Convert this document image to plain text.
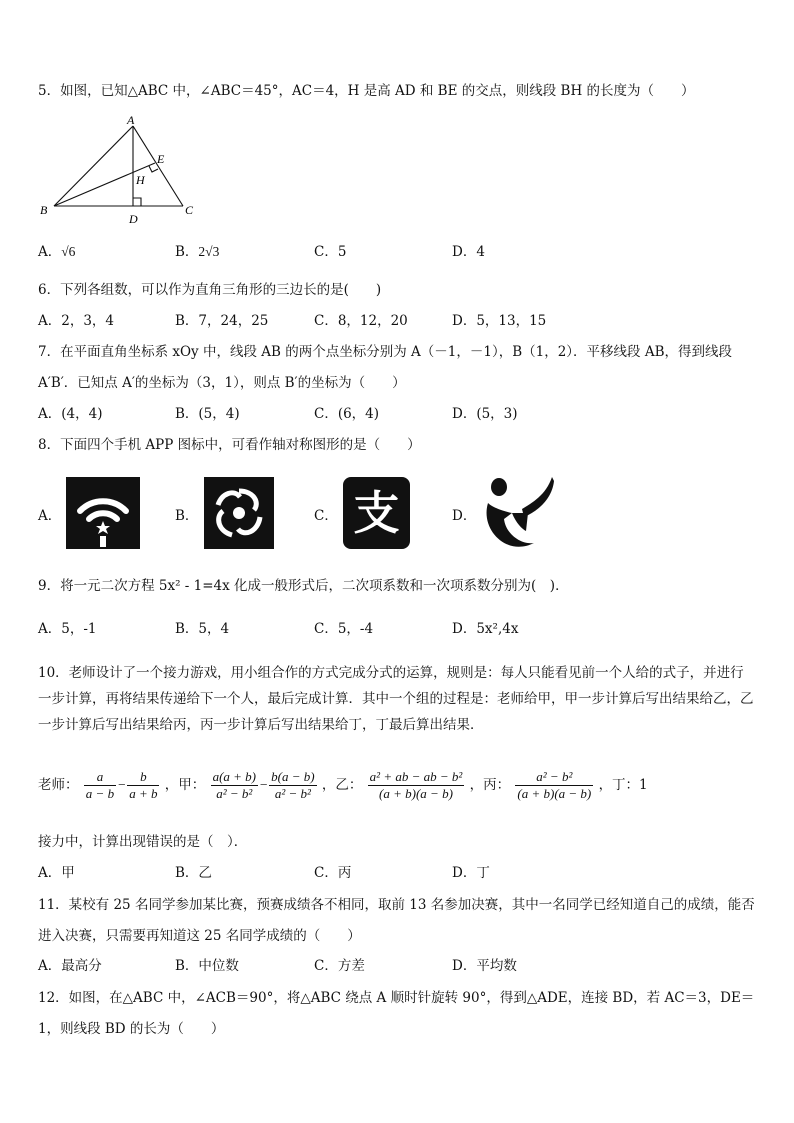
5．如图，已知△ABC 中，∠ABC＝45°，AC＝4，H 是高 AD 和 BE 的交点，则线段 BH 的长度为（　　）
A
B	C
D
E
H
A．√6	B．2√3	C．5	D．4
6．下列各组数，可以作为直角三角形的三边长的是(　　)
A．2，3，4	B．7，24，25	C．8，12，20	D．5，13，15
7．在平面直角坐标系 xOy 中，线段 AB 的两个点坐标分别为 A（－1，－1），B（1，2）．平移线段 AB，得到线段
A′B′．已知点 A′的坐标为（3，1），则点 B′的坐标为（　　）
A．(4，4)	B．(5，4)	C．(6，4)	D．(5，3)
8．下面四个手机 APP 图标中，可看作轴对称图形的是（　　）
A．	B．	C． 支	D．
9．将一元二次方程 5x² - 1=4x 化成一般形式后，二次项系数和一次项系数分别为(　)．
A．5，-1	B．5，4	C．5，-4	D．5x²,4x
10．老师设计了一个接力游戏，用小组合作的方式完成分式的运算，规则是：每人只能看见前一个人给的式子，并进行一步计算，再将结果传递给下一个人，最后完成计算．其中一个组的过程是：老师给甲，甲一步计算后写出结果给乙，乙一步计算后写出结果给丙，丙一步计算后写出结果给丁，丁最后算出结果．
老师： $\frac{a}{a - b} - \frac{b}{a + b}$ ，甲： $\frac{a(a + b)}{\text{a² − b²}} - \frac{b(a - b)}{\text{a² − b²}}$ ，乙： $\frac{\text{a² + ab − ab − b²}}{(a + b)(a - b)}$ ，丙： $\frac{\text{a² − b²}}{(a + b)(a - b)}$ ，丁：1
接力中，计算出现错误的是（　）．
A．甲	B．乙	C．丙	D．丁
11．某校有 25 名同学参加某比赛，预赛成绩各不相同，取前 13 名参加决赛，其中一名同学已经知道自己的成绩，能否进入决赛，只需要再知道这 25 名同学成绩的（　　）
A．最高分	B．中位数	C．方差	D．平均数
12．如图，在△ABC 中，∠ACB＝90°，将△ABC 绕点 A 顺时针旋转 90°，得到△ADE，连接 BD，若 AC＝3，DE＝1，则线段 BD 的长为（　　）
